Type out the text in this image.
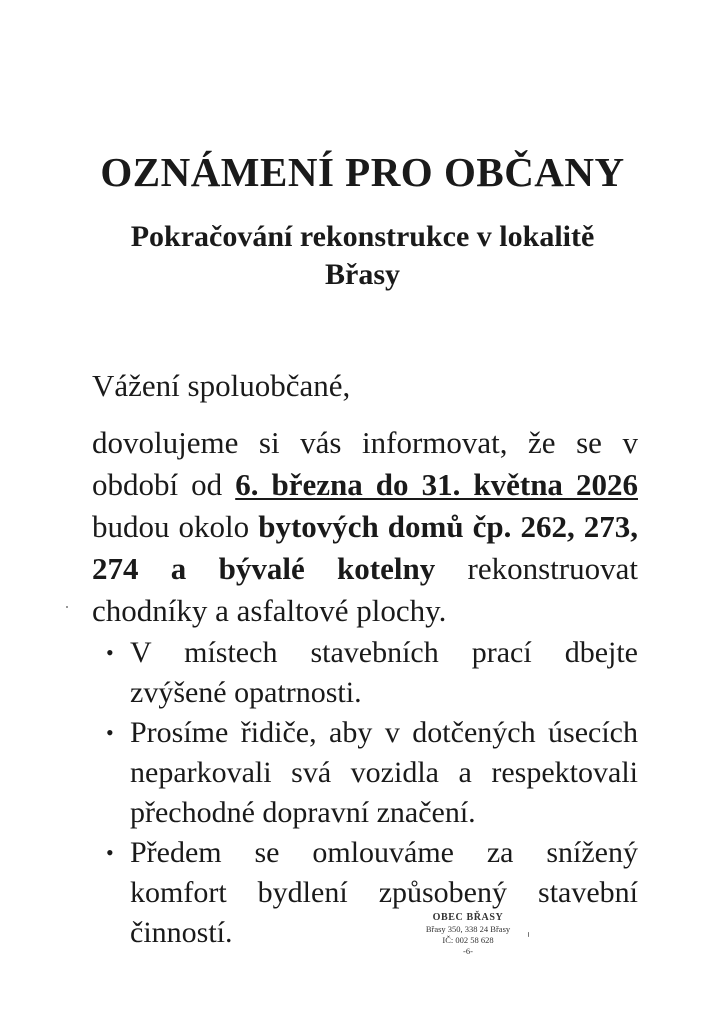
OZNÁMENÍ PRO OBČANY
Pokračování rekonstrukce v lokalitě
Břasy

Vážení spoluobčané,

dovolujeme si vás informovat, že se v období od 6. března do 31. května 2026 budou okolo bytových domů čp. 262, 273, 274 a bývalé kotelny rekonstruovat chodníky a asfaltové plochy.

• V místech stavebních prací dbejte zvýšené opatrnosti.
• Prosíme řidiče, aby v dotčených úsecích neparkovali svá vozidla a respektovali přechodné dopravní značení.
• Předem se omlouváme za snížený komfort bydlení způsobený stavební činností.	OBEC BŘASY
Břasy 350, 338 24 Břasy
IČ: 002 58 628
-6-
